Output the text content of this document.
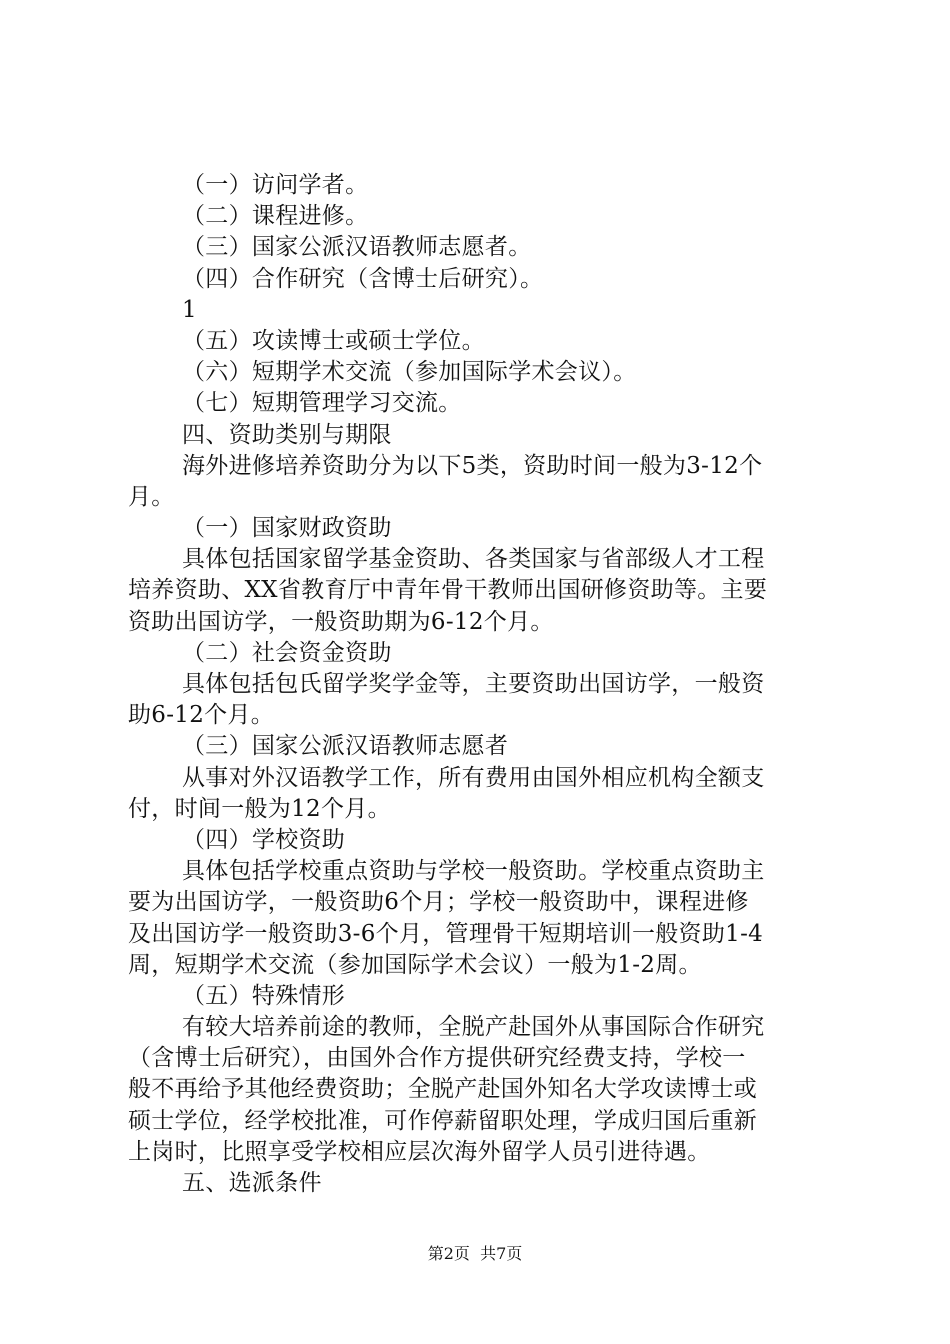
（一）访问学者。
（二）课程进修。
（三）国家公派汉语教师志愿者。
（四）合作研究（含博士后研究）。
1
（五）攻读博士或硕士学位。
（六）短期学术交流（参加国际学术会议）。
（七）短期管理学习交流。
四、资助类别与期限
海外进修培养资助分为以下5类，资助时间一般为3-12个
月。
（一）国家财政资助
具体包括国家留学基金资助、各类国家与省部级人才工程
培养资助、XX省教育厅中青年骨干教师出国研修资助等。主要
资助出国访学，一般资助期为6-12个月。
（二）社会资金资助
具体包括包氏留学奖学金等，主要资助出国访学，一般资
助6-12个月。
（三）国家公派汉语教师志愿者
从事对外汉语教学工作，所有费用由国外相应机构全额支
付，时间一般为12个月。
（四）学校资助
具体包括学校重点资助与学校一般资助。学校重点资助主
要为出国访学，一般资助6个月；学校一般资助中，课程进修
及出国访学一般资助3-6个月，管理骨干短期培训一般资助1-4
周，短期学术交流（参加国际学术会议）一般为1-2周。
（五）特殊情形
有较大培养前途的教师，全脱产赴国外从事国际合作研究
（含博士后研究），由国外合作方提供研究经费支持，学校一
般不再给予其他经费资助；全脱产赴国外知名大学攻读博士或
硕士学位，经学校批准，可作停薪留职处理，学成归国后重新
上岗时，比照享受学校相应层次海外留学人员引进待遇。
五、选派条件
第2页 共7页
